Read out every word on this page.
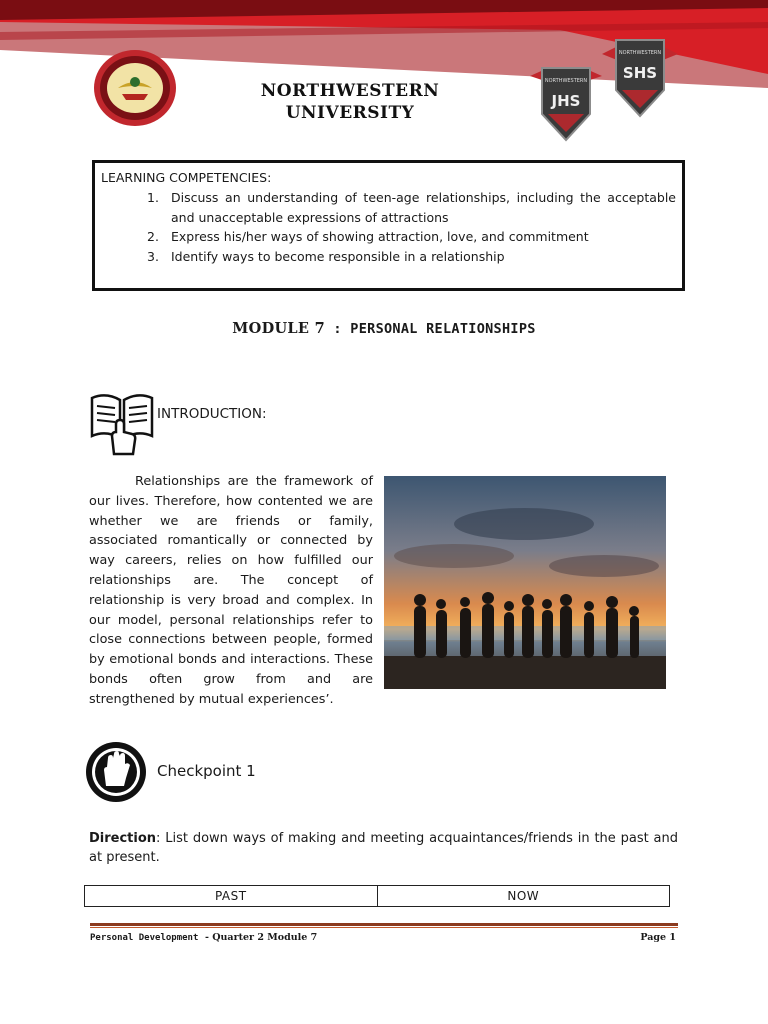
NORTHWESTERN
UNIVERSITY
NORTHWESTERN
JHS
NORTHWESTERN
SHS
LEARNING COMPETENCIES:
1. Discuss an understanding of teen-age relationships, including the acceptable and unacceptable expressions of attractions
2. Express his/her ways of showing attraction, love, and commitment
3. Identify ways to become responsible in a relationship
MODULE 7 : PERSONAL RELATIONSHIPS
INTRODUCTION:
Relationships are the framework of our lives. Therefore, how contented we are whether we are friends or family, associated romantically or connected by way careers, relies on how fulfilled our relationships are. The concept of relationship is very broad and complex. In our model, personal relationships refer to close connections between people, formed by emotional bonds and interactions. These bonds often grow from and are strengthened by mutual experiences’.
Checkpoint 1
Direction: List down ways of making and meeting acquaintances/friends in the past and at present.
PAST	NOW
Personal Development - Quarter 2 Module 7	Page 1
